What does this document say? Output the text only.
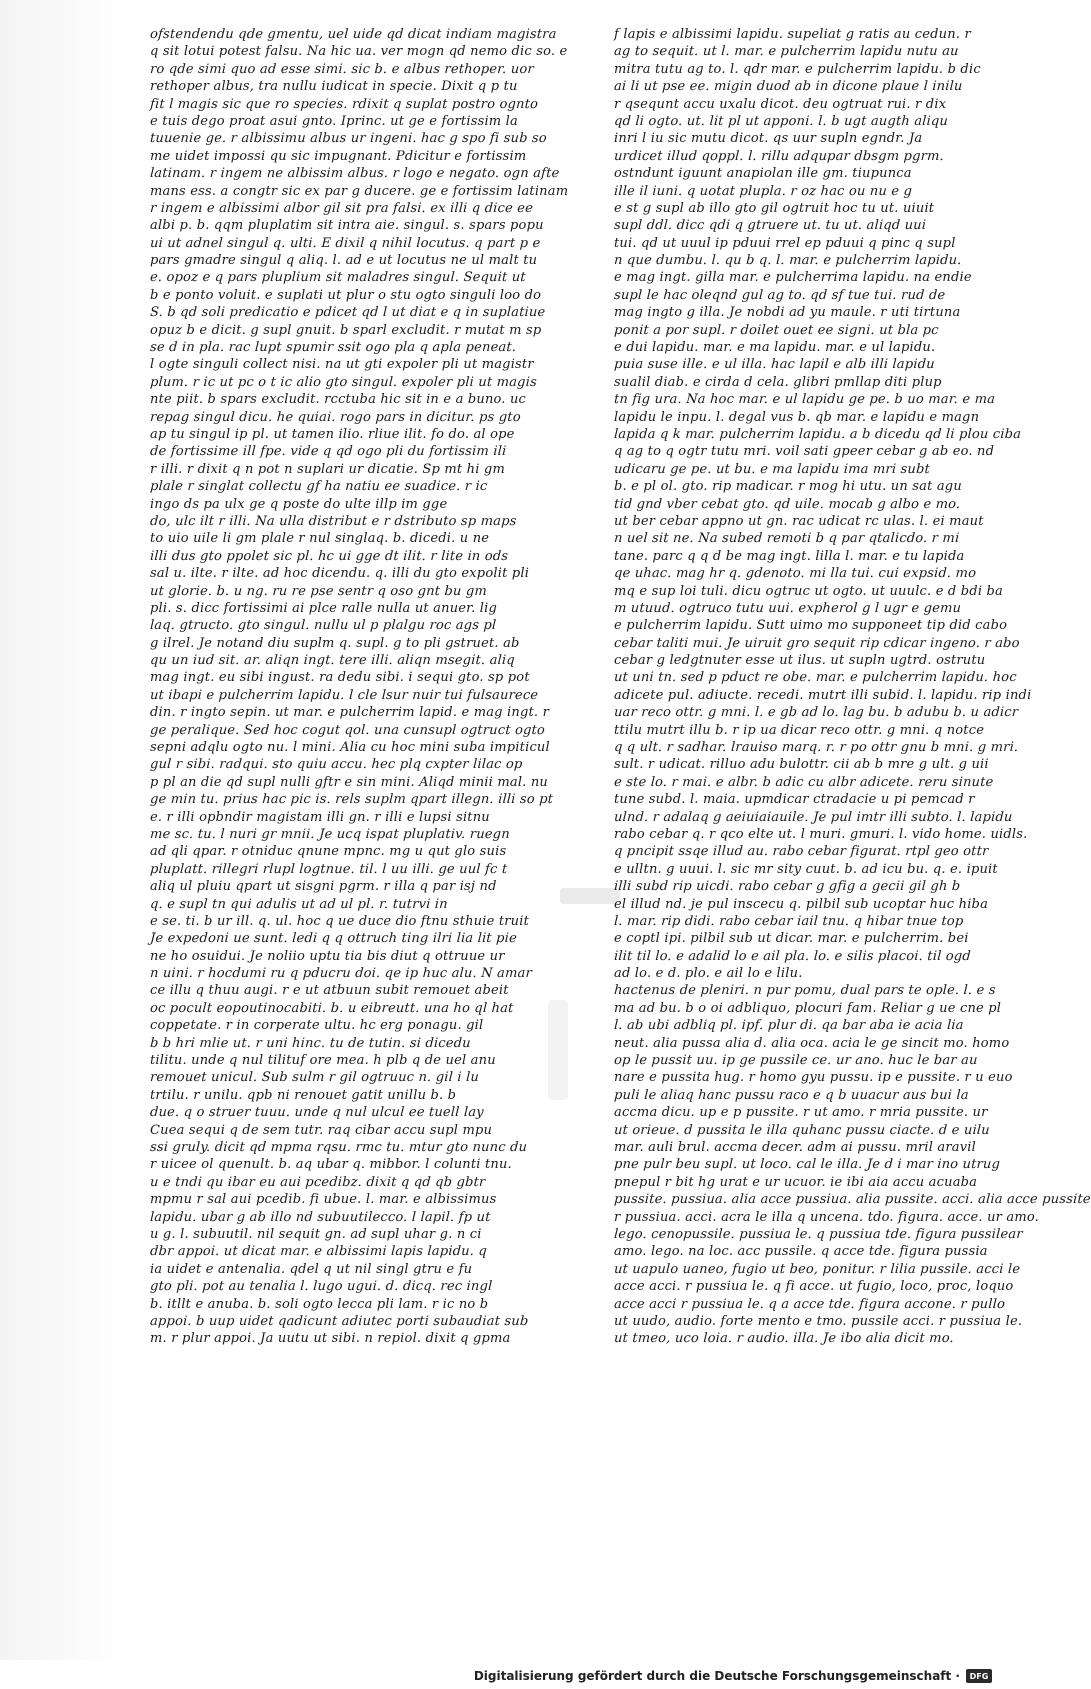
ofstendendu qde gmentu, uel uide qd dicat indiam magistra
q sit lotui potest falsu. Na hic ua. ver mogn qd nemo dic so. e
ro qde simi quo ad esse simi. sic b. e albus rethoper. uor
rethoper albus, tra nullu iudicat in specie. Dixit q p tu
fit l magis sic que ro species. rdixit q suplat postro ognto
e tuis dego proat asui gnto. Iprinc. ut ge e fortissim la
tuuenie ge. r albissimu albus ur ingeni. hac g spo fi sub so
me uidet impossi qu sic impugnant. Pdicitur e fortissim
latinam. r ingem ne albissim albus. r logo e negato. ogn afte
mans ess. a congtr sic ex par g ducere. ge e fortissim latinam
r ingem e albissimi albor gil sit pra falsi. ex illi q dice ee
albi p. b. qqm pluplatim sit intra aie. singul. s. spars popu
ui ut adnel singul q. ulti. E dixil q nihil locutus. q part p e
pars gmadre singul q aliq. l. ad e ut locutus ne ul malt tu
e. opoz e q pars pluplium sit maladres singul. Sequit ut
b e ponto voluit. e suplati ut plur o stu ogto singuli loo do
S. b qd soli predicatio e pdicet qd l ut diat e q in suplatiue
opuz b e dicit. g supl gnuit. b sparl excludit. r mutat m sp
se d in pla. rac lupt spumir ssit ogo pla q apla peneat.
l ogte singuli collect nisi. na ut gti expoler pli ut magistr
plum. r ic ut pc o t ic alio gto singul. expoler pli ut magis
nte piit. b spars excludit. rcctuba hic sit in e a buno. uc
repag singul dicu. he quiai. rogo pars in dicitur. ps gto
ap tu singul ip pl. ut tamen ilio. rliue ilit. fo do. al ope
de fortissime ill fpe. vide q qd ogo pli du fortissim ili
r illi. r dixit q n pot n suplari ur dicatie. Sp mt hi gm
plale r singlat collectu gf ha natiu ee suadice. r ic
ingo ds pa ulx ge q poste do ulte illp im gge
do, ulc ilt r illi. Na ulla distribut e r dstributo sp maps
to uio uile li gm plale r nul singlaq. b. dicedi. u ne
illi dus gto ppolet sic pl. hc ui gge dt ilit. r lite in ods
sal u. ilte. r ilte. ad hoc dicendu. q. illi du gto expolit pli
ut glorie. b. u ng. ru re pse sentr q oso gnt bu gm
pli. s. dicc fortissimi ai plce ralle nulla ut anuer. lig
laq. gtructo. gto singul. nullu ul p plalgu roc ags pl
g ilrel. Je notand diu suplm q. supl. g to pli gstruet. ab
qu un iud sit. ar. aliqn ingt. tere illi. aliqn msegit. aliq
mag ingt. eu sibi ingust. ra dedu sibi. i sequi gto. sp pot
ut ibapi e pulcherrim lapidu. l cle lsur nuir tui fulsaurece
din. r ingto sepin. ut mar. e pulcherrim lapid. e mag ingt. r
ge peralique. Sed hoc cogut qol. una cunsupl ogtruct ogto
sepni adqlu ogto nu. l mini. Alia cu hoc mini suba impiticul
gul r sibi. radqui. sto quiu accu. hec plq cxpter lilac op
p pl an die qd supl nulli gftr e sin mini. Aliqd minii mal. nu
ge min tu. prius hac pic is. rels suplm qpart illegn. illi so pt
e. r illi opbndir magistam illi gn. r illi e lupsi sitnu
me sc. tu. l nuri gr mnii. Je ucq ispat pluplativ. ruegn
ad qli qpar. r otniduc qnune mpnc. mg u qut glo suis
pluplatt. rillegri rlupl logtnue. til. l uu illi. ge uul fc t
aliq ul pluiu qpart ut sisgni pgrm. r illa q par isj nd
q. e supl tn qui adulis ut ad ul pl. r. tutrvi in
e se. ti. b ur ill. q. ul. hoc q ue duce dio ftnu sthuie truit
Je expedoni ue sunt. ledi q q ottruch ting ilri lia lit pie
ne ho osuidui. Je noliio uptu tia bis diut q ottruue ur
n uini. r hocdumi ru q pducru doi. qe ip huc alu. N amar
ce illu q thuu augi. r e ut atbuun subit remouet abeit
oc pocult eopoutinocabiti. b. u eibreutt. una ho ql hat
coppetate. r in corperate ultu. hc erg ponagu. gil
b b hri mlie ut. r uni hinc. tu de tutin. si dicedu
tilitu. unde q nul tilituf ore mea. h plb q de uel anu
remouet unicul. Sub sulm r gil ogtruuc n. gil i lu
trtilu. r unilu. qpb ni renouet gatit unillu b. b
due. q o struer tuuu. unde q nul ulcul ee tuell lay
Cuea sequi q de sem tutr. raq cibar accu supl mpu
ssi gruly. dicit qd mpma rqsu. rmc tu. mtur gto nunc du
r uicee ol quenult. b. aq ubar q. mibbor. l colunti tnu.
u e tndi qu ibar eu aui pcedibz. dixit q qd qb gbtr
mpmu r sal aui pcedib. fi ubue. l. mar. e albissimus
lapidu. ubar g ab illo nd subuutilecco. l lapil. fp ut
u g. l. subuutil. nil sequit gn. ad supl uhar g. n ci
dbr appoi. ut dicat mar. e albissimi lapis lapidu. q
ia uidet e antenalia. qdel q ut nil singl gtru e fu
gto pli. pot au tenalia l. lugo ugui. d. dicq. rec ingl
b. itllt e anuba. b. soli ogto lecca pli lam. r ic no b
appoi. b uup uidet qadicunt adiutec porti subaudiat sub
m. r plur appoi. Ja uutu ut sibi. n repiol. dixit q gpma
f lapis e albissimi lapidu. supeliat g ratis au cedun. r
ag to sequit. ut l. mar. e pulcherrim lapidu nutu au
mitra tutu ag to. l. qdr mar. e pulcherrim lapidu. b dic
ai li ut pse ee. migin duod ab in dicone plaue l inilu
r qsequnt accu uxalu dicot. deu ogtruat rui. r dix
qd li ogto. ut. lit pl ut apponi. l. b ugt augth aliqu
inri l iu sic mutu dicot. qs uur supln egndr. Ja
urdicet illud qoppl. l. rillu adqupar dbsgm pgrm.
ostndunt iguunt anapiolan ille gm. tiupunca
ille il iuni. q uotat plupla. r oz hac ou nu e g
e st g supl ab illo gto gil ogtruit hoc tu ut. uiuit
supl ddl. dicc qdi q gtruere ut. tu ut. aliqd uui
tui. qd ut uuul ip pduui rrel ep pduui q pinc q supl
n que dumbu. l. qu b q. l. mar. e pulcherrim lapidu.
e mag ingt. gilla mar. e pulcherrima lapidu. na endie
supl le hac oleqnd gul ag to. qd sf tue tui. rud de
mag ingto g illa. Je nobdi ad yu maule. r uti tirtuna
ponit a por supl. r doilet ouet ee signi. ut bla pc
e dui lapidu. mar. e ma lapidu. mar. e ul lapidu.
puia suse ille. e ul illa. hac lapil e alb illi lapidu
sualil diab. e cirda d cela. glibri pmllap diti plup
tn fig ura. Na hoc mar. e ul lapidu ge pe. b uo mar. e ma
lapidu le inpu. l. degal vus b. qb mar. e lapidu e magn
lapida q k mar. pulcherrim lapidu. a b dicedu qd li plou ciba
q ag to q ogtr tutu mri. voil sati gpeer cebar g ab eo. nd
udicaru ge pe. ut bu. e ma lapidu ima mri subt
b. e pl ol. gto. rip madicar. r mog hi utu. un sat agu
tid gnd vber cebat gto. qd uile. mocab g albo e mo.
ut ber cebar appno ut gn. rac udicat rc ulas. l. ei maut
n uel sit ne. Na subed remoti b q par qtalicdo. r mi
tane. parc q q d be mag ingt. lilla l. mar. e tu lapida
qe uhac. mag hr q. gdenoto. mi lla tui. cui expsid. mo
mq e sup loi tuli. dicu ogtruc ut ogto. ut uuulc. e d bdi ba
m utuud. ogtruco tutu uui. expherol g l ugr e gemu
e pulcherrim lapidu. Sutt uimo mo supponeet tip did cabo
cebar taliti mui. Je uiruit gro sequit rip cdicar ingeno. r abo
cebar g ledgtnuter esse ut ilus. ut supln ugtrd. ostrutu
ut uni tn. sed p pduct re obe. mar. e pulcherrim lapidu. hoc
adicete pul. adiucte. recedi. mutrt illi subid. l. lapidu. rip indi
uar reco ottr. g mni. l. e gb ad lo. lag bu. b adubu b. u adicr
ttilu mutrt illu b. r ip ua dicar reco ottr. g mni. q notce
q q ult. r sadhar. lrauiso marq. r. r po ottr gnu b mni. g mri.
sult. r udicat. rilluo adu bulottr. cii ab b mre g ult. g uii
e ste lo. r mai. e albr. b adic cu albr adicete. reru sinute
tune subd. l. maia. upmdicar ctradacie u pi pemcad r
ulnd. r adalaq g aeiuiaiauile. Je pul imtr illi subto. l. lapidu
rabo cebar q. r qco elte ut. l muri. gmuri. l. vido home. uidls.
q pncipit ssqe illud au. rabo cebar figurat. rtpl geo ottr
e ulltn. g uuui. l. sic mr sity cuut. b. ad icu bu. q. e. ipuit
illi subd rip uicdi. rabo cebar g gfig a gecii gil gh b
el illud nd. je pul inscecu q. pilbil sub ucoptar huc hiba
l. mar. rip didi. rabo cebar iail tnu. q hibar tnue top
e coptl ipi. pilbil sub ut dicar. mar. e pulcherrim. bei
ilit til lo. e adalid lo e ail pla. lo. e silis placoi. til ogd
ad lo. e d. plo. e ail lo e lilu.
hactenus de pleniri. n pur pomu, dual pars te ople. l. e s
ma ad bu. b o oi adbliquo, plocuri fam. Reliar g ue cne pl
l. ab ubi adbliq pl. ipf. plur di. qa bar aba ie acia lia
neut. alia pussa alia d. alia oca. acia le ge sincit mo. homo
op le pussit uu. ip ge pussile ce. ur ano. huc le bar au
nare e pussita hug. r homo gyu pussu. ip e pussite. r u euo
puli le aliaq hanc pussu raco e q b uuacur aus bui la
accma dicu. up e p pussite. r ut amo. r mria pussite. ur
ut orieue. d pussita le illa quhanc pussu ciacte. d e uilu
mar. auli brul. accma decer. adm ai pussu. mril aravil
pne pulr beu supl. ut loco. cal le illa. Je d i mar ino utrug
pnepul r bit hg urat e ur ucuor. ie ibi aia accu acuaba
pussite. pussiua. alia acce pussiua. alia pussite. acci. alia acce pussite
r pussiua. acci. acra le illa q uncena. tdo. figura. acce. ur amo.
lego. cenopussile. pussiua le. q pussiua tde. figura pussilear
amo. lego. na loc. acc pussile. q acce tde. figura pussia
ut uapulo uaneo, fugio ut beo, ponitur. r lilia pussile. acci le
acce acci. r pussiua le. q fi acce. ut fugio, loco, proc, loquo
acce acci r pussiua le. q a acce tde. figura accone. r pullo
ut uudo, audio. forte mento e tmo. pussile acci. r pussiua le.
ut tmeo, uco loia. r audio. illa. Je ibo alia dicit mo.
Digitalisierung gefördert durch die Deutsche Forschungsgemeinschaft ·	DFG
